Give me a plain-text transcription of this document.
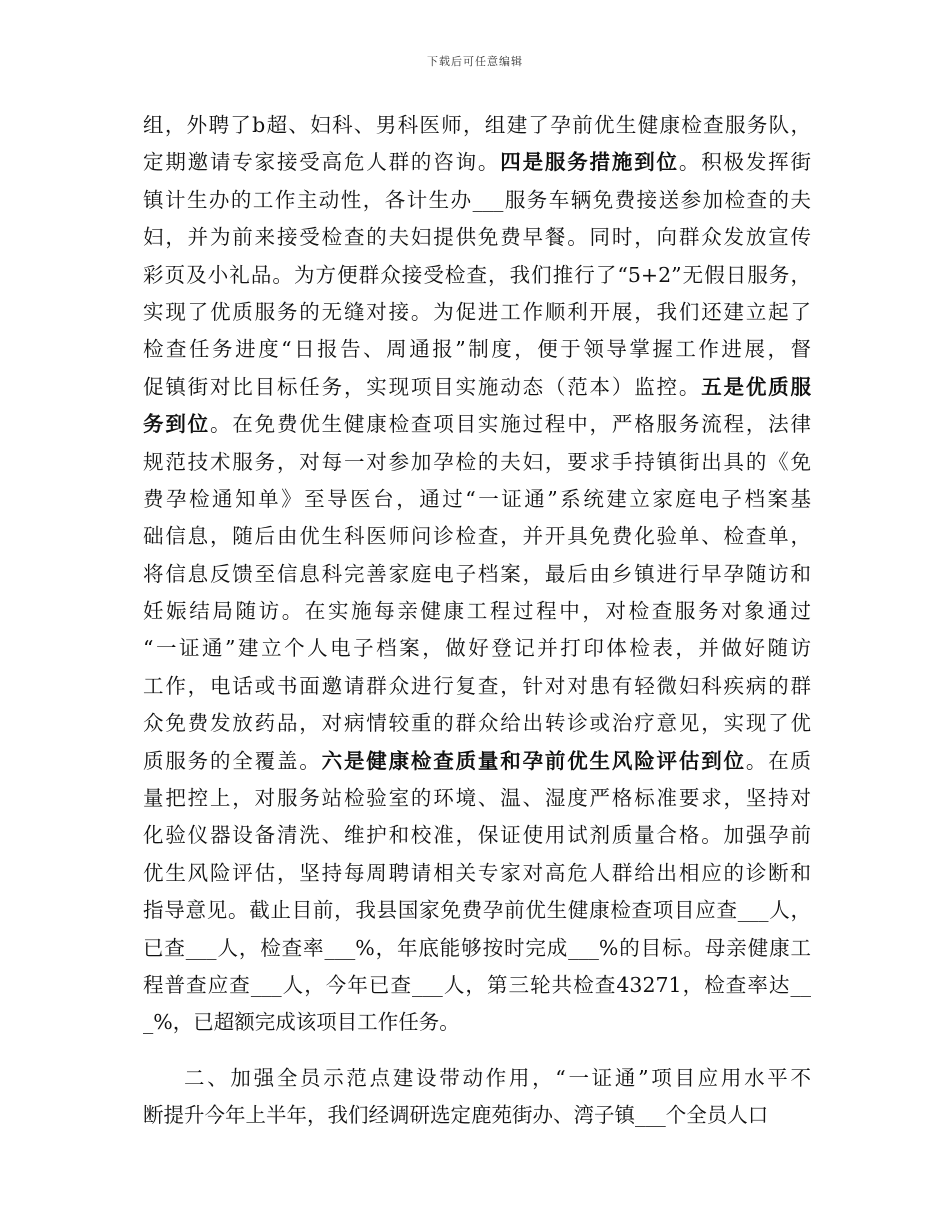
下载后可任意编辑
组，外聘了b超、妇科、男科医师，组建了孕前优生健康检查服务队，
定期邀请专家接受高危人群的咨询。四是服务措施到位。积极发挥街
镇计生办的工作主动性，各计生办___服务车辆免费接送参加检查的夫
妇，并为前来接受检查的夫妇提供免费早餐。同时，向群众发放宣传
彩页及小礼品。为方便群众接受检查，我们推行了“5+2”无假日服务，
实现了优质服务的无缝对接。为促进工作顺利开展，我们还建立起了
检查任务进度“日报告、周通报”制度，便于领导掌握工作进展，督
促镇街对比目标任务，实现项目实施动态（范本）监控。五是优质服
务到位。在免费优生健康检查项目实施过程中，严格服务流程，法律
规范技术服务，对每一对参加孕检的夫妇，要求手持镇街出具的《免
费孕检通知单》至导医台，通过“一证通”系统建立家庭电子档案基
础信息，随后由优生科医师问诊检查，并开具免费化验单、检查单，
将信息反馈至信息科完善家庭电子档案，最后由乡镇进行早孕随访和
妊娠结局随访。在实施每亲健康工程过程中，对检查服务对象通过
“一证通”建立个人电子档案，做好登记并打印体检表，并做好随访
工作，电话或书面邀请群众进行复查，针对对患有轻微妇科疾病的群
众免费发放药品，对病情较重的群众给出转诊或治疗意见，实现了优
质服务的全覆盖。六是健康检查质量和孕前优生风险评估到位。在质
量把控上，对服务站检验室的环境、温、湿度严格标准要求，坚持对
化验仪器设备清洗、维护和校准，保证使用试剂质量合格。加强孕前
优生风险评估，坚持每周聘请相关专家对高危人群给出相应的诊断和
指导意见。截止目前，我县国家免费孕前优生健康检查项目应查___人，
已查___人，检查率___%，年底能够按时完成___%的目标。母亲健康工
程普查应查___人，今年已查___人，第三轮共检查43271，检查率达__
_%，已超额完成该项目工作任务。
二、加强全员示范点建设带动作用，“一证通”项目应用水平不
断提升今年上半年，我们经调研选定鹿苑街办、湾子镇___个全员人口
